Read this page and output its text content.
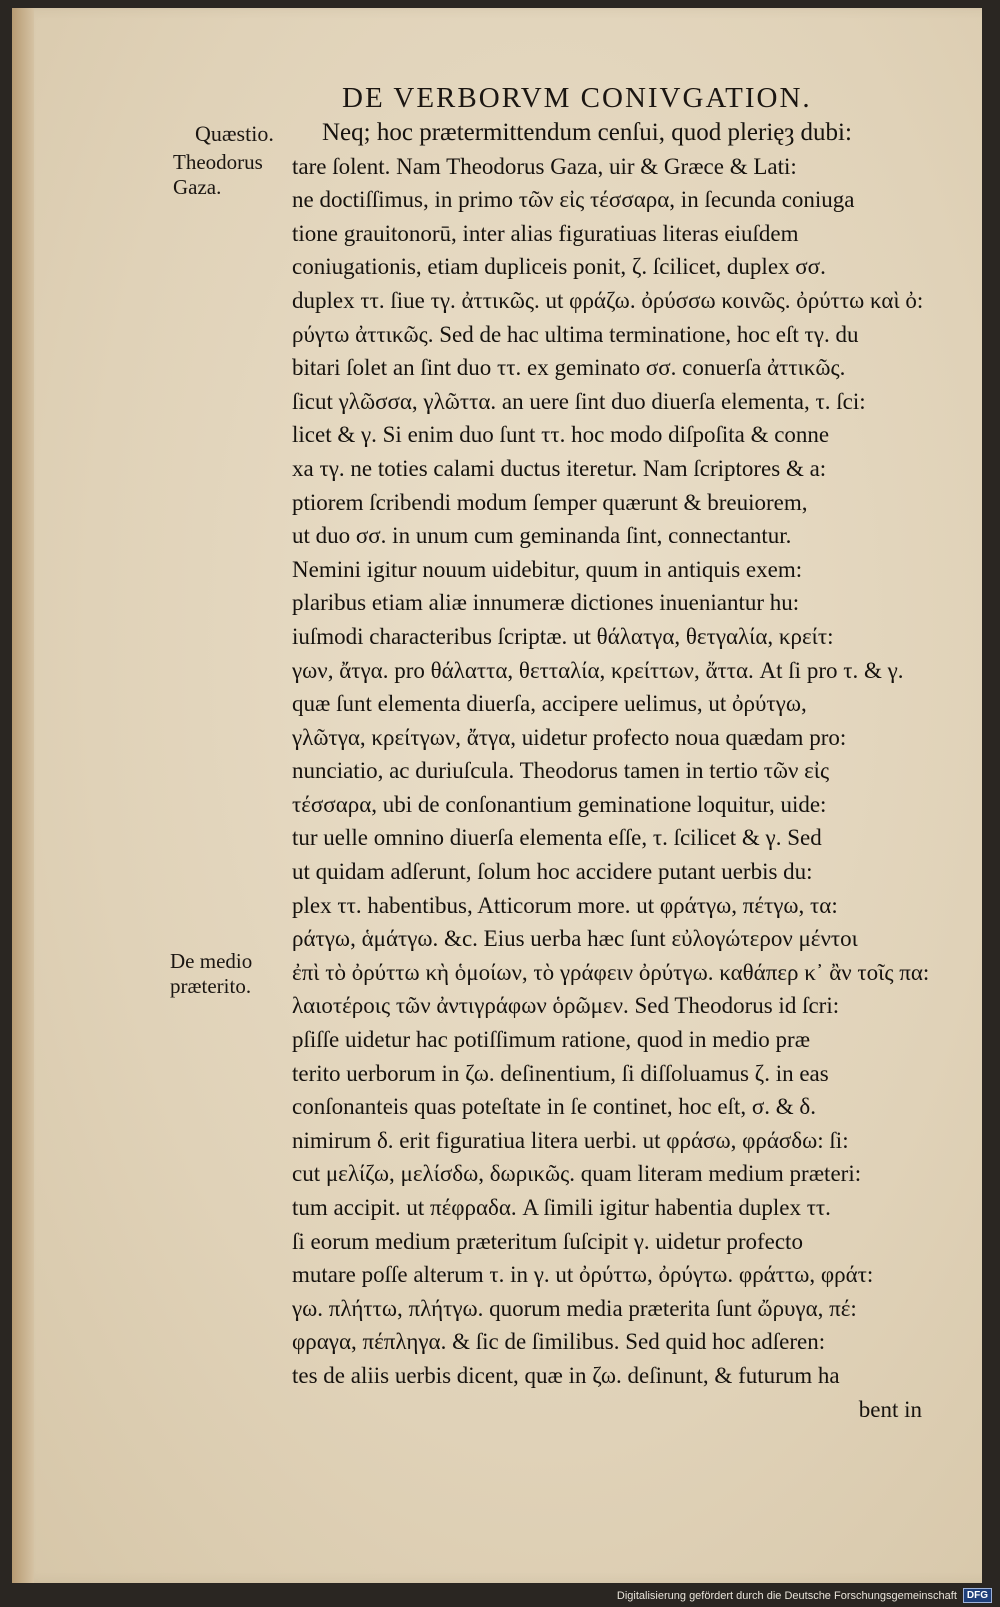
DE VERBORVM CONIVGATION.
Quæstio.
Theodorus Gaza.
De medio præterito.
Neq; hoc prætermittendum cenſui, quod plerięȝ dubi:
tare ſolent. Nam Theodorus Gaza, uir & Græce & Lati:
ne doctiſſimus, in primo τῶν εἰς τέσσαρα, in ſecunda coniuga
tione grauitonorū, inter alias figuratiuas literas eiuſdem
coniugationis, etiam dupliceis ponit, ζ. ſcilicet, duplex σσ.
duplex ττ. ſiue τγ. ἀττικῶς. ut φράζω. ὀρύσσω κοινῶς. ὀρύττω καὶ ὀ:
ρύγτω ἀττικῶς. Sed de hac ultima terminatione, hoc eſt τγ. du
bitari ſolet an ſint duo ττ. ex geminato σσ. conuerſa ἀττικῶς.
ſicut γλῶσσα, γλῶττα. an uere ſint duo diuerſa elementa, τ. ſci:
licet & γ. Si enim duo ſunt ττ. hoc modo diſpoſita & conne
xa τγ. ne toties calami ductus iteretur. Nam ſcriptores & a:
ptiorem ſcribendi modum ſemper quærunt & breuiorem,
ut duo σσ. in unum cum geminanda ſint, connectantur.
Nemini igitur nouum uidebitur, quum in antiquis exem:
plaribus etiam aliæ innumeræ dictiones inueniantur hu:
iuſmodi characteribus ſcriptæ. ut θάλατγα, θετγαλία, κρείτ:
γων, ἄτγα. pro θάλαττα, θετταλία, κρείττων, ἄττα. At ſi pro τ. & γ.
quæ ſunt elementa diuerſa, accipere uelimus, ut ὀρύτγω,
γλῶτγα, κρείτγων, ἄτγα, uidetur profecto noua quædam pro:
nunciatio, ac duriuſcula. Theodorus tamen in tertio τῶν εἰς
τέσσαρα, ubi de conſonantium geminatione loquitur, uide:
tur uelle omnino diuerſa elementa eſſe, τ. ſcilicet & γ. Sed
ut quidam adſerunt, ſolum hoc accidere putant uerbis du:
plex ττ. habentibus, Atticorum more. ut φράτγω, πέτγω, τα:
ράτγω, ἁμάτγω. &c. Eius uerba hæc ſunt εὐλογώτερον μέντοι
ἐπὶ τὸ ὀρύττω κὴ ὁμοίων, τὸ γράφειν ὀρύτγω. καθάπερ κ᾽ ἂν τοῖς πα:
λαιοτέροις τῶν ἀντιγράφων ὁρῶμεν. Sed Theodorus id ſcri:
pſiſſe uidetur hac potiſſimum ratione, quod in medio præ
terito uerborum in ζω. deſinentium, ſi diſſoluamus ζ. in eas
conſonanteis quas poteſtate in ſe continet, hoc eſt, σ. & δ.
nimirum δ. erit figuratiua litera uerbi. ut φράσω, φράσδω: ſi:
cut μελίζω, μελίσδω, δωρικῶς. quam literam medium præteri:
tum accipit. ut πέφραδα. A ſimili igitur habentia duplex ττ.
ſi eorum medium præteritum ſuſcipit γ. uidetur profecto
mutare poſſe alterum τ. in γ. ut ὀρύττω, ὀρύγτω. φράττω, φράτ:
γω. πλήττω, πλήτγω. quorum media præterita ſunt ὤρυγα, πέ:
φραγα, πέπληγα. & ſic de ſimilibus. Sed quid hoc adſeren:
tes de aliis uerbis dicent, quæ in ζω. deſinunt, & futurum ha
bent in
Digitalisierung gefördert durch die Deutsche Forschungsgemeinschaft	DFG
